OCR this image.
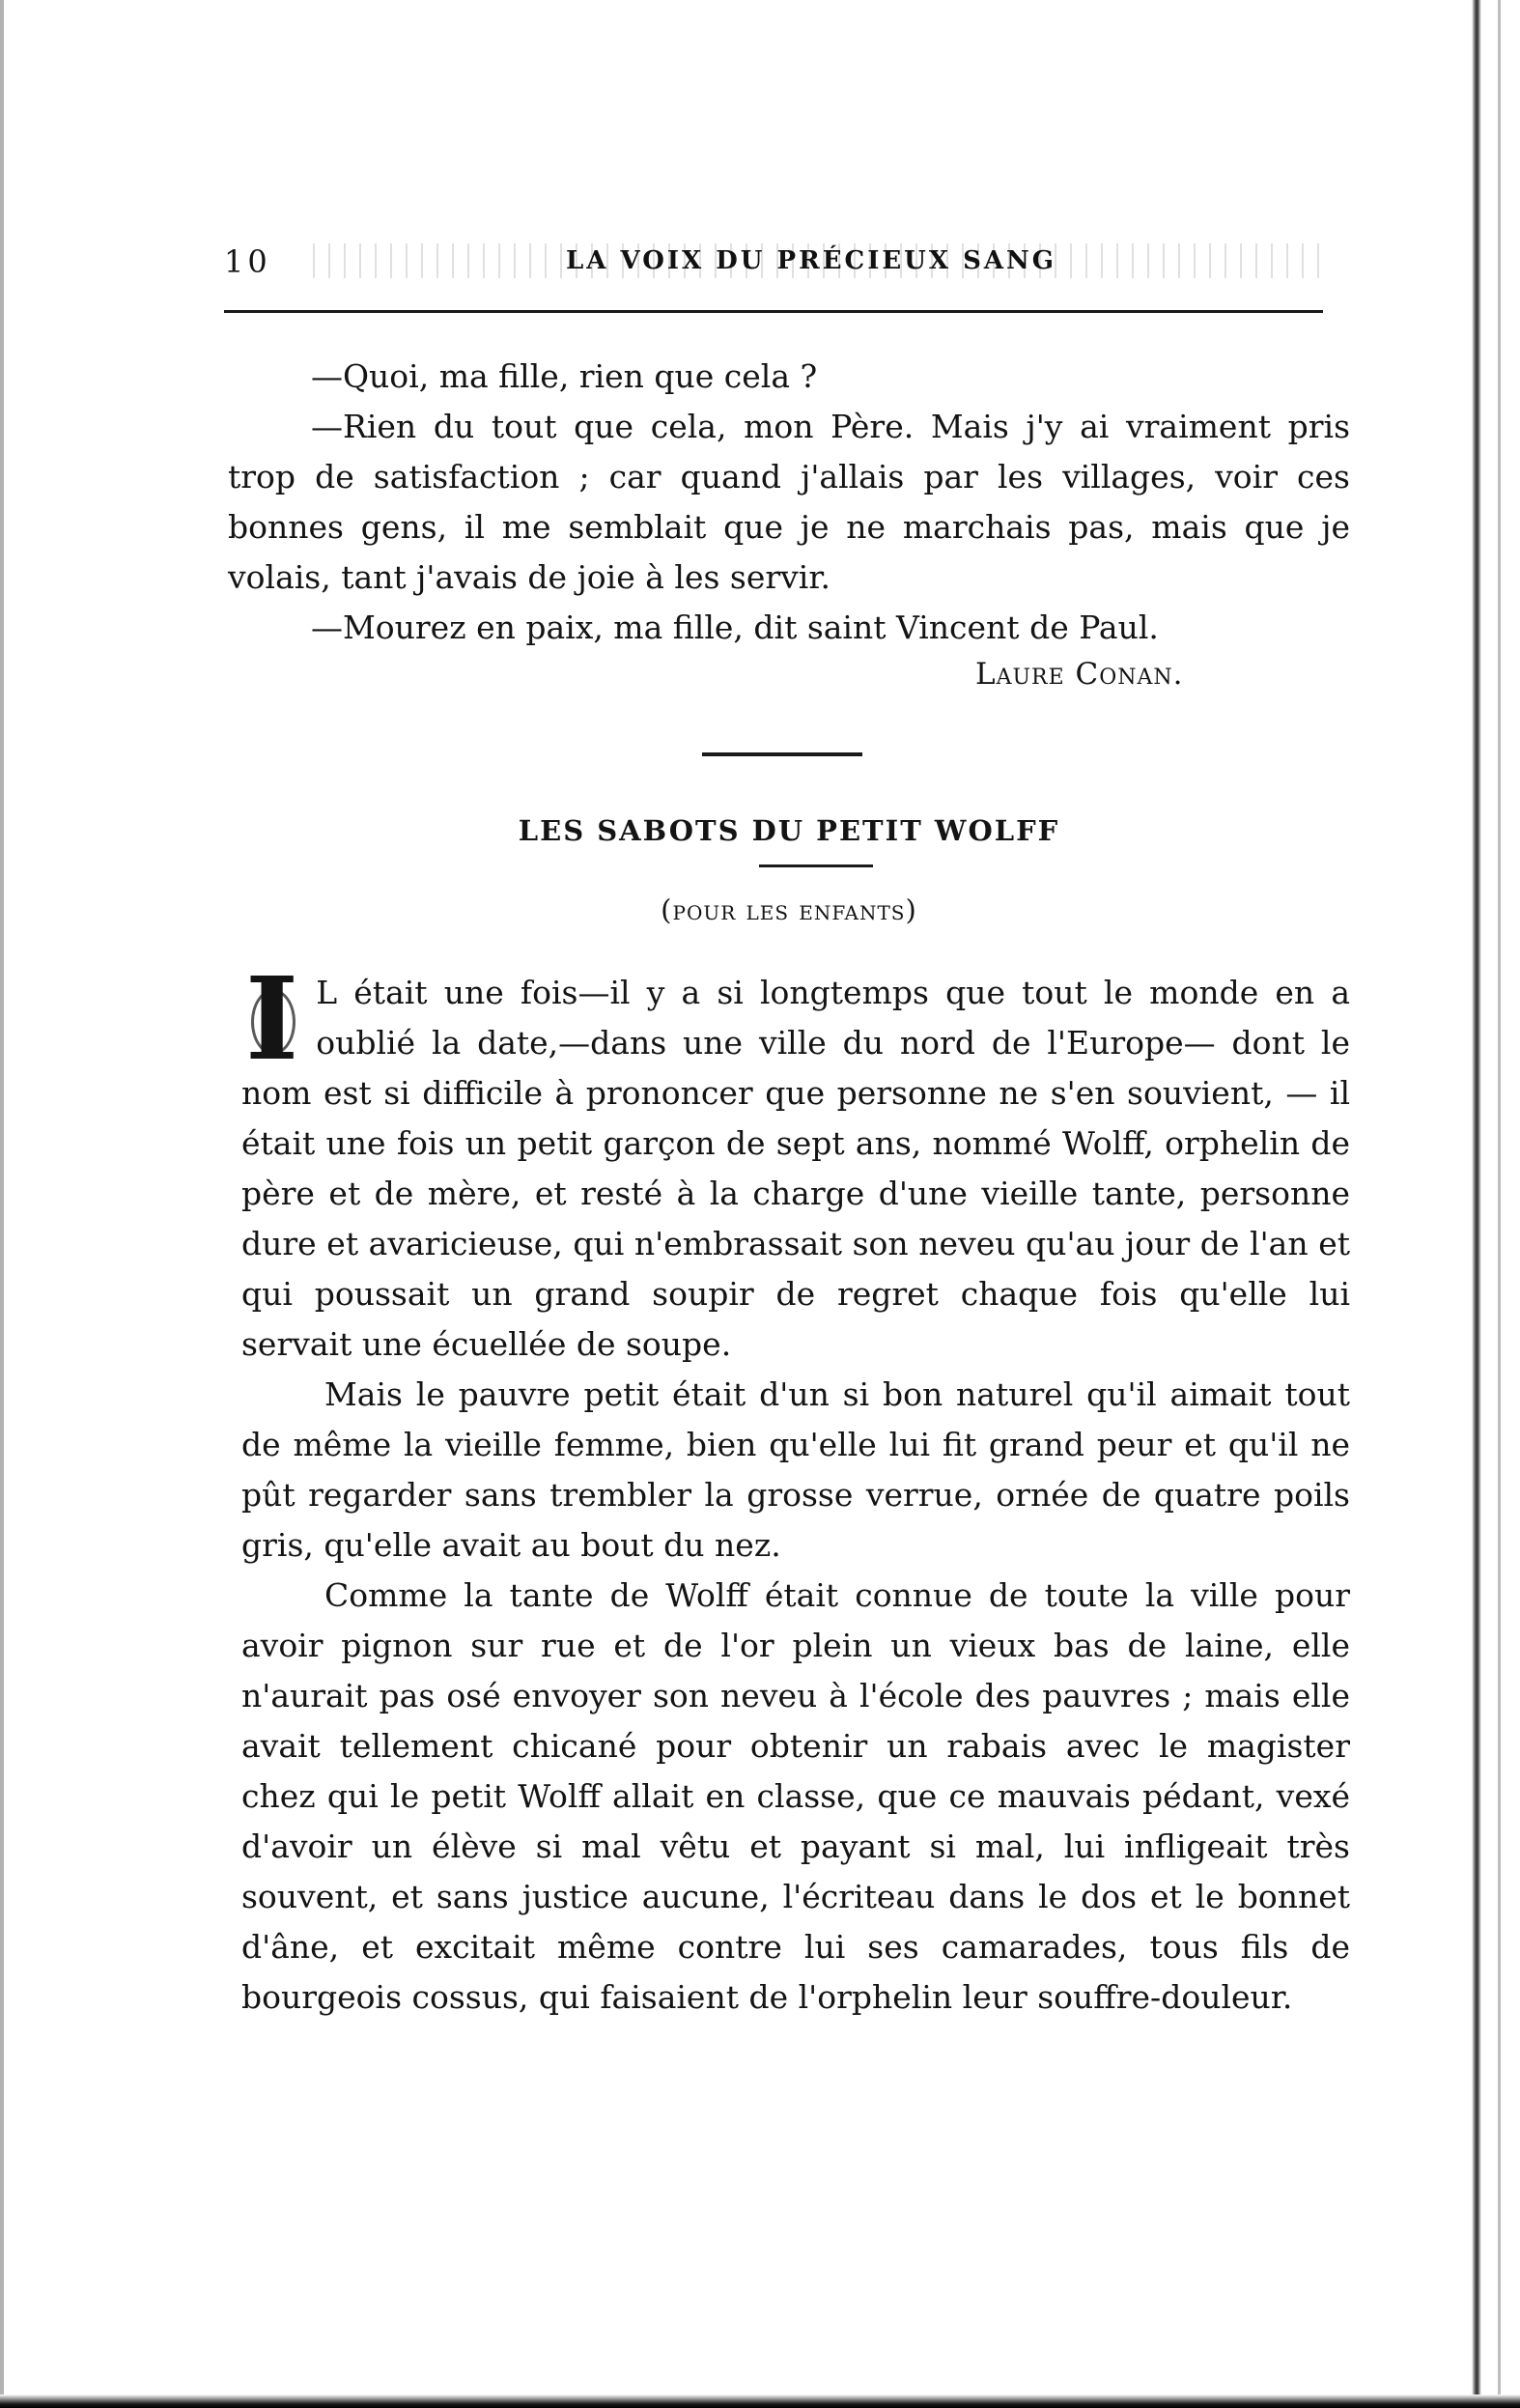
10	LA VOIX DU PRÉCIEUX SANG

—Quoi, ma fille, rien que cela ?

—Rien du tout que cela, mon Père. Mais j'y ai vraiment pris trop de satisfaction ; car quand j'allais par les villages, voir ces bonnes gens, il me semblait que je ne marchais pas, mais que je volais, tant j'avais de joie à les servir.

—Mourez en paix, ma fille, dit saint Vincent de Paul.

Laure Conan.
LES SABOTS DU PETIT WOLFF
(pour les enfants)

I L était une fois—il y a si longtemps que tout le monde en a oublié la date,—dans une ville du nord de l'Europe— dont le nom est si difficile à prononcer que personne ne s'en souvient, — il était une fois un petit garçon de sept ans, nommé Wolff, orphelin de père et de mère, et resté à la charge d'une vieille tante, personne dure et avaricieuse, qui n'embrassait son neveu qu'au jour de l'an et qui poussait un grand soupir de regret chaque fois qu'elle lui servait une écuellée de soupe.

Mais le pauvre petit était d'un si bon naturel qu'il aimait tout de même la vieille femme, bien qu'elle lui fit grand peur et qu'il ne pût regarder sans trembler la grosse verrue, ornée de quatre poils gris, qu'elle avait au bout du nez.

Comme la tante de Wolff était connue de toute la ville pour avoir pignon sur rue et de l'or plein un vieux bas de laine, elle n'aurait pas osé envoyer son neveu à l'école des pauvres ; mais elle avait tellement chicané pour obtenir un rabais avec le magister chez qui le petit Wolff allait en classe, que ce mauvais pédant, vexé d'avoir un élève si mal vêtu et payant si mal, lui infligeait très souvent, et sans justice aucune, l'écriteau dans le dos et le bonnet d'âne, et excitait même contre lui ses camarades, tous fils de bourgeois cossus, qui faisaient de l'orphelin leur souffre-douleur.
